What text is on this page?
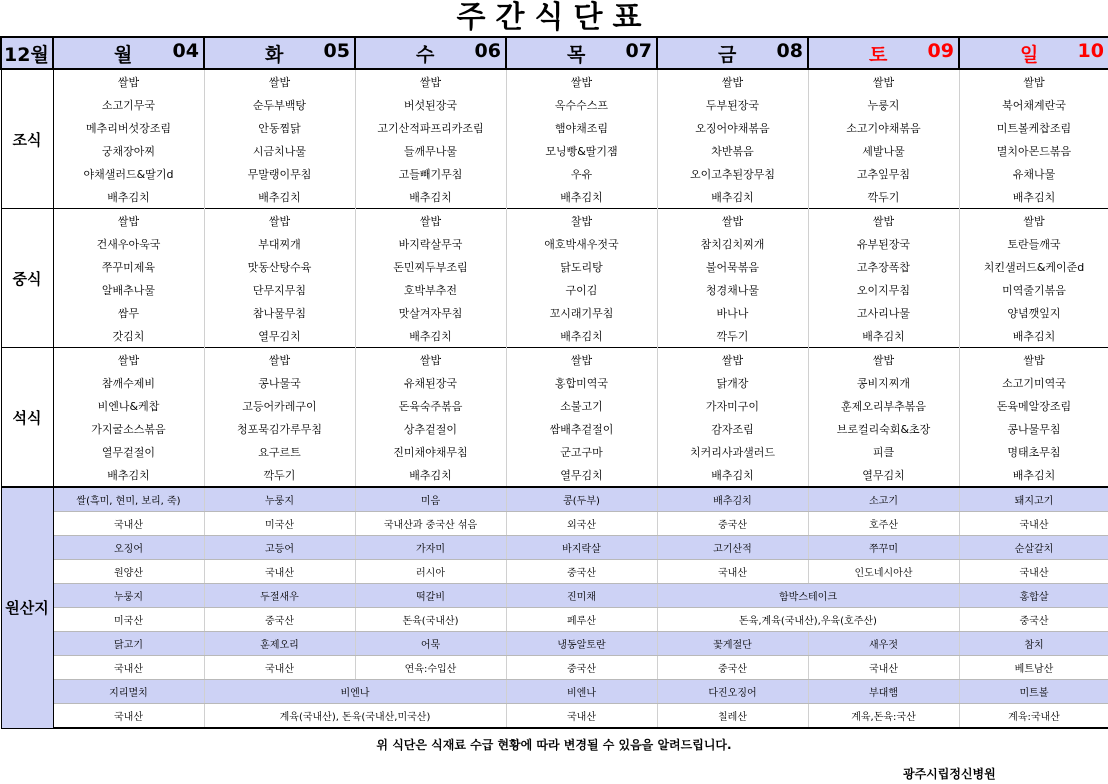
주간식단표
12월	월 04	화 05	수 06	목 07	금 08	토 09	일 10

조식	쌀밥	쌀밥	쌀밥	쌀밥	쌀밥	쌀밥	쌀밥
	소고기무국	순두부백탕	버섯된장국	옥수수스프	두부된장국	누룽지	북어채계란국
	메추리버섯장조림	안동찜닭	고기산적파프리카조림	햄야채조림	오징어야채볶음	소고기야채볶음	미트볼케찹조림
	궁채장아찌	시금치나물	들깨무나물	모닝빵&딸기잼	차반볶음	세발나물	멸치아몬드볶음
	야채샐러드&딸기d	무말랭이무침	고들빼기무침	우유	오이고추된장무침	고추잎무침	유채나물
	배추김치	배추김치	배추김치	배추김치	배추김치	깍두기	배추김치
중식	쌀밥	쌀밥	쌀밥	찰밥	쌀밥	쌀밥	쌀밥
	건새우아욱국	부대찌개	바지락살무국	애호박새우젓국	참치김치찌개	유부된장국	토란들깨국
	쭈꾸미제육	맛동산탕수육	돈민찌두부조림	닭도리탕	불어묵볶음	고추장폭찹	치킨샐러드&케이준d
	알배추나물	단무지무침	호박부추전	구이김	청경채나물	오이지무침	미역줄기볶음
	쌈무	참나물무침	맛살겨자무침	꼬시래기무침	바나나	고사리나물	양념깻잎지
	갓김치	열무김치	배추김치	배추김치	깍두기	배추김치	배추김치
석식	쌀밥	쌀밥	쌀밥	쌀밥	쌀밥	쌀밥	쌀밥
	참깨수제비	콩나물국	유채된장국	홍합미역국	닭개장	콩비지찌개	소고기미역국
	비엔나&케찹	고등어카레구이	돈육숙주볶음	소불고기	가자미구이	훈제오리부추볶음	돈육메알장조림
	가지굴소스볶음	청포묵김가루무침	상추겉절이	쌈배추겉절이	감자조림	브로컬리숙회&초장	콩나물무침
	열무겉절이	요구르트	진미채야채무침	군고구마	치커리사과샐러드	피클	명태초무침
	배추김치	깍두기	배추김치	열무김치	배추김치	열무김치	배추김치
원산지	쌀(흑미, 현미, 보리, 죽)	누룽지	미음	콩(두부)	배추김치	소고기	돼지고기
	국내산	미국산	국내산과 중국산 섞음	외국산	중국산	호주산	국내산
	오징어	고등어	가자미	바지락살	고기산적	쭈꾸미	순살갈치
	원양산	국내산	러시아	중국산	국내산	인도네시아산	국내산
	누룽지	두절새우	떡갈비	진미채	함박스테이크		홍합살
	미국산	중국산	돈육(국내산)	페루산	돈육,계육(국내산),우육(호주산)		중국산
	닭고기	훈제오리	어묵	냉동알토란	꽃게절단	새우젓	참치
	국내산	국내산	연육:수입산	중국산	중국산	국내산	베트남산
	지리멸치	비엔나		비엔나	다진오징어	부대햄	미트볼
	국내산	계육(국내산), 돈육(국내산,미국산)		국내산	칠레산	계육,돈육:국산	계육:국내산
위 식단은 식재료 수급 현황에 따라 변경될 수 있음을 알려드립니다.
광주시립정신병원
